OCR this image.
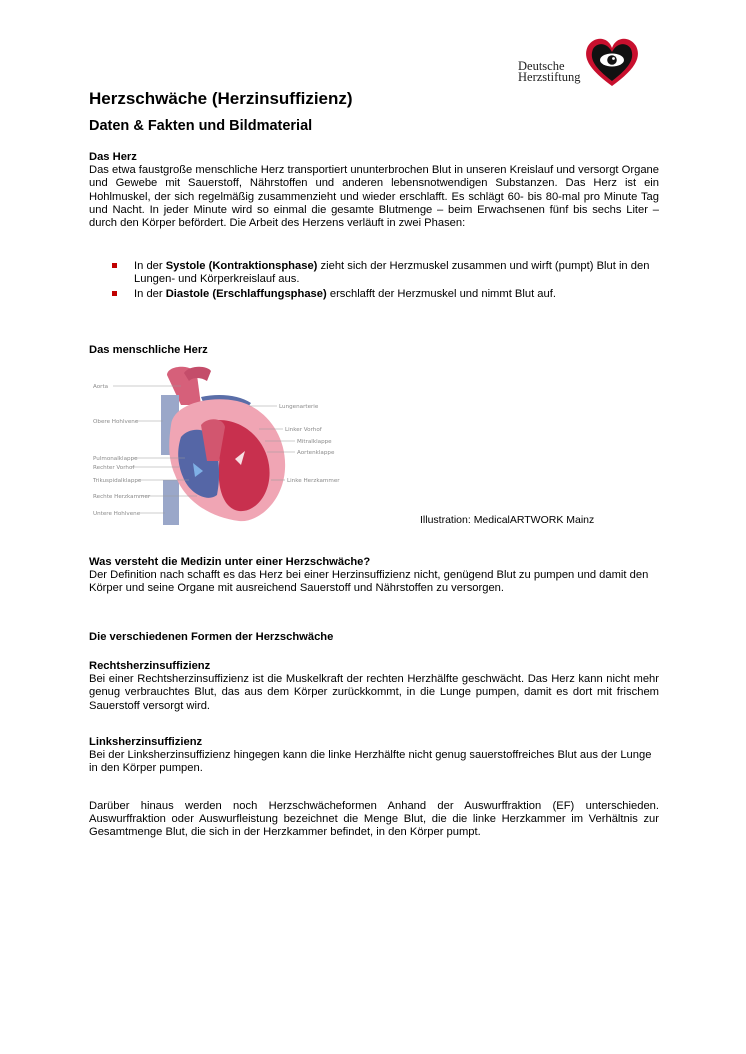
Deutsche
Herzstiftung
Herzschwäche (Herzinsuffizienz)
Daten & Fakten und Bildmaterial
Das Herz
Das etwa faustgroße menschliche Herz transportiert ununterbrochen Blut in unseren Kreislauf und versorgt Organe und Gewebe mit Sauerstoff, Nährstoffen und anderen lebensnotwendigen Substanzen. Das Herz ist ein Hohlmuskel, der sich regelmäßig zusammenzieht und wieder erschlafft. Es schlägt 60- bis 80-mal pro Minute Tag und Nacht. In jeder Minute wird so einmal die gesamte Blutmenge – beim Erwachsenen fünf bis sechs Liter – durch den Körper befördert. Die Arbeit des Herzens verläuft in zwei Phasen:
In der Systole (Kontraktionsphase) zieht sich der Herzmuskel zusammen und wirft (pumpt) Blut in den Lungen- und Körperkreislauf aus.
In der Diastole (Erschlaffungsphase) erschlafft der Herzmuskel und nimmt Blut auf.
Das menschliche Herz
Aorta
Obere Hohlvene
Pulmonalklappe
Rechter Vorhof
Trikuspidalklappe
Rechte Herzkammer
Untere Hohlvene
Lungenarterie
Linker Vorhof
Mitralklappe
Aortenklappe
Linke Herzkammer
Illustration: MedicalARTWORK Mainz
Was versteht die Medizin unter einer Herzschwäche?
Der Definition nach schafft es das Herz bei einer Herzinsuffizienz nicht, genügend Blut zu pumpen und damit den Körper und seine Organe mit ausreichend Sauerstoff und Nährstoffen zu versorgen.
Die verschiedenen Formen der Herzschwäche
Rechtsherzinsuffizienz
Bei einer Rechtsherzinsuffizienz ist die Muskelkraft der rechten Herzhälfte geschwächt. Das Herz kann nicht mehr genug verbrauchtes Blut, das aus dem Körper zurückkommt, in die Lunge pumpen, damit es dort mit frischem Sauerstoff versorgt wird.
Linksherzinsuffizienz
Bei der Linksherzinsuffizienz hingegen kann die linke Herzhälfte nicht genug sauerstoffreiches Blut aus der Lunge in den Körper pumpen.
Darüber hinaus werden noch Herzschwächeformen Anhand der Auswurffraktion (EF) unterschieden. Auswurffraktion oder Auswurfleistung bezeichnet die Menge Blut, die die linke Herzkammer im Verhältnis zur Gesamtmenge Blut, die sich in der Herzkammer befindet, in den Körper pumpt.
